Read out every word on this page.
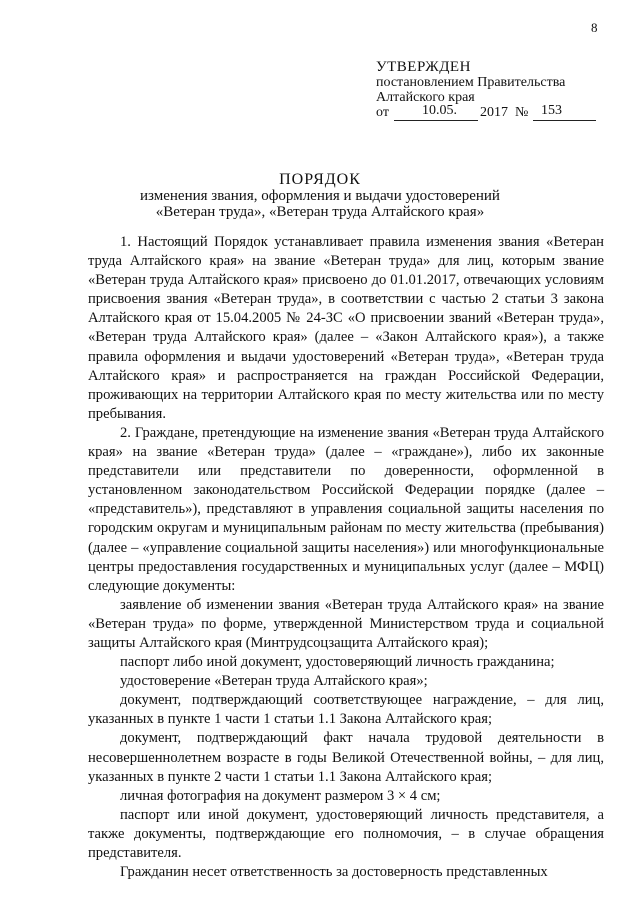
8
УТВЕРЖДЕН
постановлением Правительства
Алтайского края
от 10.05. 2017 № 153
ПОРЯДОК
изменения звания, оформления и выдачи удостоверений
«Ветеран труда», «Ветеран труда Алтайского края»

1. Настоящий Порядок устанавливает правила изменения звания «Ветеран труда Алтайского края» на звание «Ветеран труда» для лиц, которым звание «Ветеран труда Алтайского края» присвоено до 01.01.2017, отвечающих условиям присвоения звания «Ветеран труда», в соответствии с частью 2 статьи 3 закона Алтайского края от 15.04.2005 № 24-ЗС «О присвоении званий «Ветеран труда», «Ветеран труда Алтайского края» (далее – «Закон Алтайского края»), а также правила оформления и выдачи удостоверений «Ветеран труда», «Ветеран труда Алтайского края» и распространяется на граждан Российской Федерации, проживающих на территории Алтайского края по месту жительства или по месту пребывания.

2. Граждане, претендующие на изменение звания «Ветеран труда Алтайского края» на звание «Ветеран труда» (далее – «граждане»), либо их законные представители или представители по доверенности, оформленной в установленном законодательством Российской Федерации порядке (далее – «представитель»), представляют в управления социальной защиты населения по городским округам и муниципальным районам по месту жительства (пребывания) (далее – «управление социальной защиты населения») или многофункциональные центры предоставления государственных и муниципальных услуг (далее – МФЦ) следующие документы:

заявление об изменении звания «Ветеран труда Алтайского края» на звание «Ветеран труда» по форме, утвержденной Министерством труда и социальной защиты Алтайского края (Минтрудсоцзащита Алтайского края);

паспорт либо иной документ, удостоверяющий личность гражданина;

удостоверение «Ветеран труда Алтайского края»;

документ, подтверждающий соответствующее награждение, – для лиц, указанных в пункте 1 части 1 статьи 1.1 Закона Алтайского края;

документ, подтверждающий факт начала трудовой деятельности в несовершеннолетнем возрасте в годы Великой Отечественной войны, – для лиц, указанных в пункте 2 части 1 статьи 1.1 Закона Алтайского края;

личная фотография на документ размером 3 × 4 см;

паспорт или иной документ, удостоверяющий личность представителя, а также документы, подтверждающие его полномочия, – в случае обращения представителя.

Гражданин несет ответственность за достоверность представленных
